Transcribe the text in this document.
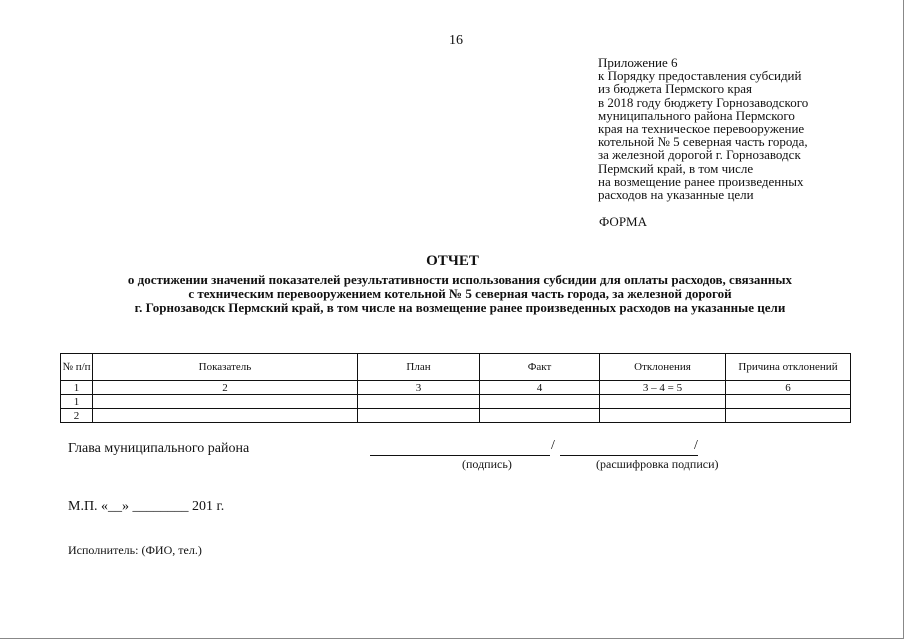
16
Приложение 6
к Порядку предоставления субсидий
из бюджета Пермского края
в 2018 году бюджету Горнозаводского
муниципального района Пермского
края на техническое перевооружение
котельной № 5 северная часть города,
за железной дорогой г. Горнозаводск
Пермский край, в том числе
на возмещение ранее произведенных
расходов на указанные цели
ФОРМА
ОТЧЕТ
о достижении значений показателей результативности использования субсидии для оплаты расходов, связанных
с техническим перевооружением котельной № 5 северная часть города, за железной дорогой
г. Горнозаводск Пермский край, в том числе на возмещение ранее произведенных расходов на указанные цели
№ п/п	Показатель	План	Факт	Отклонения	Причина отклонений
1	2	3	4	3 – 4 = 5	6
1					
2					
Глава муниципального района	/	/
(подпись)	(расшифровка подписи)
М.П. «__» ________ 201 г.
Исполнитель: (ФИО, тел.)
